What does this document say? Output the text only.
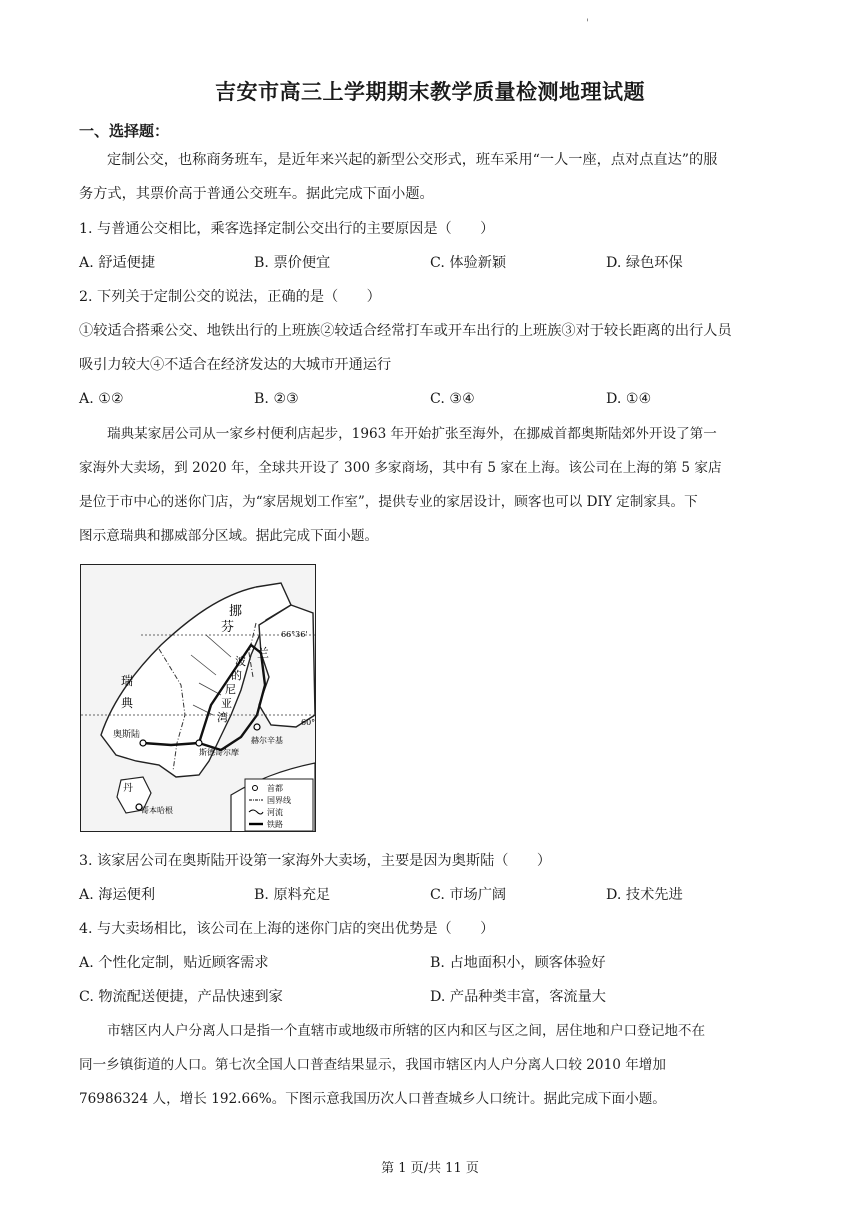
'
吉安市高三上学期期末教学质量检测地理试题
一、选择题：
定制公交，也称商务班车，是近年来兴起的新型公交形式，班车采用“一人一座，点对点直达”的服
务方式，其票价高于普通公交班车。据此完成下面小题。
1. 与普通公交相比，乘客选择定制公交出行的主要原因是（　　）
A. 舒适便捷	B. 票价便宜	C. 体验新颖	D. 绿色环保
2. 下列关于定制公交的说法，正确的是（　　）
①较适合搭乘公交、地铁出行的上班族②较适合经常打车或开车出行的上班族③对于较长距离的出行人员
吸引力较大④不适合在经济发达的大城市开通运行
A. ①②	B. ②③	C. ③④	D. ①④
瑞典某家居公司从一家乡村便利店起步，1963 年开始扩张至海外，在挪威首都奥斯陆郊外开设了第一
家海外大卖场，到 2020 年，全球共开设了 300 多家商场，其中有 5 家在上海。该公司在上海的第 5 家店
是位于市中心的迷你门店，为“家居规划工作室”，提供专业的家居设计，顾客也可以 DIY 定制家具。下
图示意瑞典和挪威部分区域。据此完成下面小题。
挪
芬
兰
66°36'
60°
瑞
典
波
的
尼
亚
湾
奥斯陆
斯德哥尔摩
赫尔辛基
丹
哥本哈根
首都
国界线
河流
铁路
3. 该家居公司在奥斯陆开设第一家海外大卖场，主要是因为奥斯陆（　　）
A. 海运便利	B. 原料充足	C. 市场广阔	D. 技术先进
4. 与大卖场相比，该公司在上海的迷你门店的突出优势是（　　）
A. 个性化定制，贴近顾客需求	B. 占地面积小，顾客体验好
C. 物流配送便捷，产品快速到家	D. 产品种类丰富，客流量大
市辖区内人户分离人口是指一个直辖市或地级市所辖的区内和区与区之间，居住地和户口登记地不在
同一乡镇街道的人口。第七次全国人口普查结果显示，我国市辖区内人户分离人口较 2010 年增加
76986324 人，增长 192.66%。下图示意我国历次人口普查城乡人口统计。据此完成下面小题。
第 1 页/共 11 页
